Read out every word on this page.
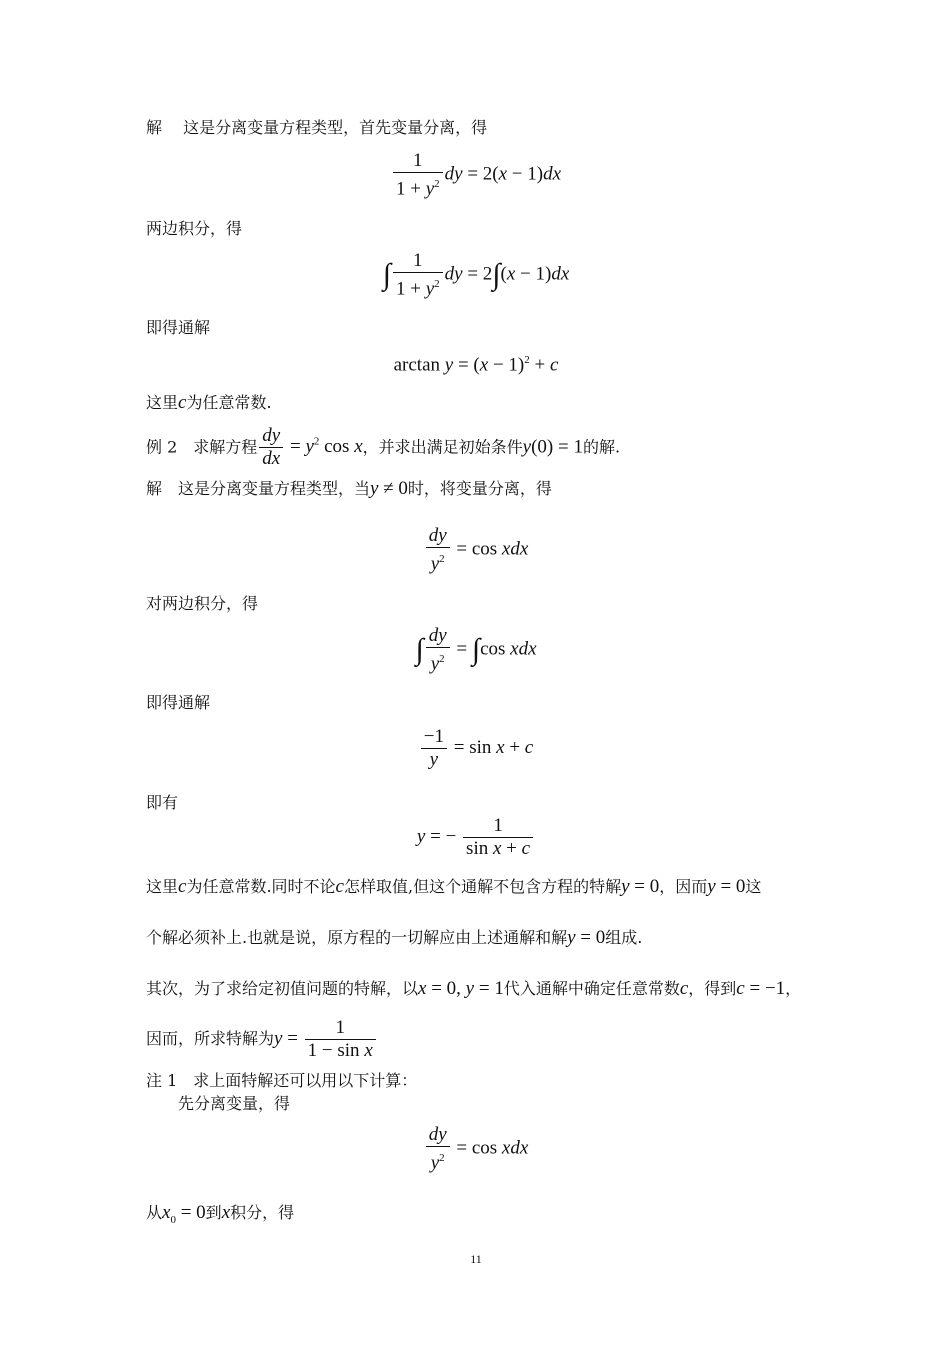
解　 这是分离变量方程类型，首先变量分离，得
$\frac{1}{1 + y^2}$ dy = 2(x − 1)dx
两边积分，得
∫ $\frac{1}{1 + y^2}$ dy = 2∫(x − 1)dx
即得通解
$\arctan y = (x - 1)^2 + c$
这里c为任意常数.
例 2　求解方程 $\frac{dy}{dx} = y^2$ cos x，并求出满足初始条件y(0) = 1的解.
解　这是分离变量方程类型，当y ≠ 0时，将变量分离，得
$\frac{dy}{y^2} = \cos$ xdx
对两边积分，得
∫ $\frac{dy}{y^2} = \int\cos$ xdx
即得通解
$\frac{-1}{y} = \sin x + c$
即有
y = − $\frac{1}{\text{sin x + c}}$
这里c为任意常数.同时不论c怎样取值,但这个通解不包含方程的特解y = 0，因而y = 0这
个解必须补上.也就是说，原方程的一切解应由上述通解和解y = 0组成.
其次，为了求给定初值问题的特解，以x = 0, y = 1代入通解中确定任意常数c，得到c = −1，
因而，所求特解为$y = \frac{1}{\text{1 − sin x}}$
注 1　求上面特解还可以用以下计算：
先分离变量，得
$\frac{dy}{y^2} = \cos$ xdx
从$x_0 = 0$到x积分，得
11
